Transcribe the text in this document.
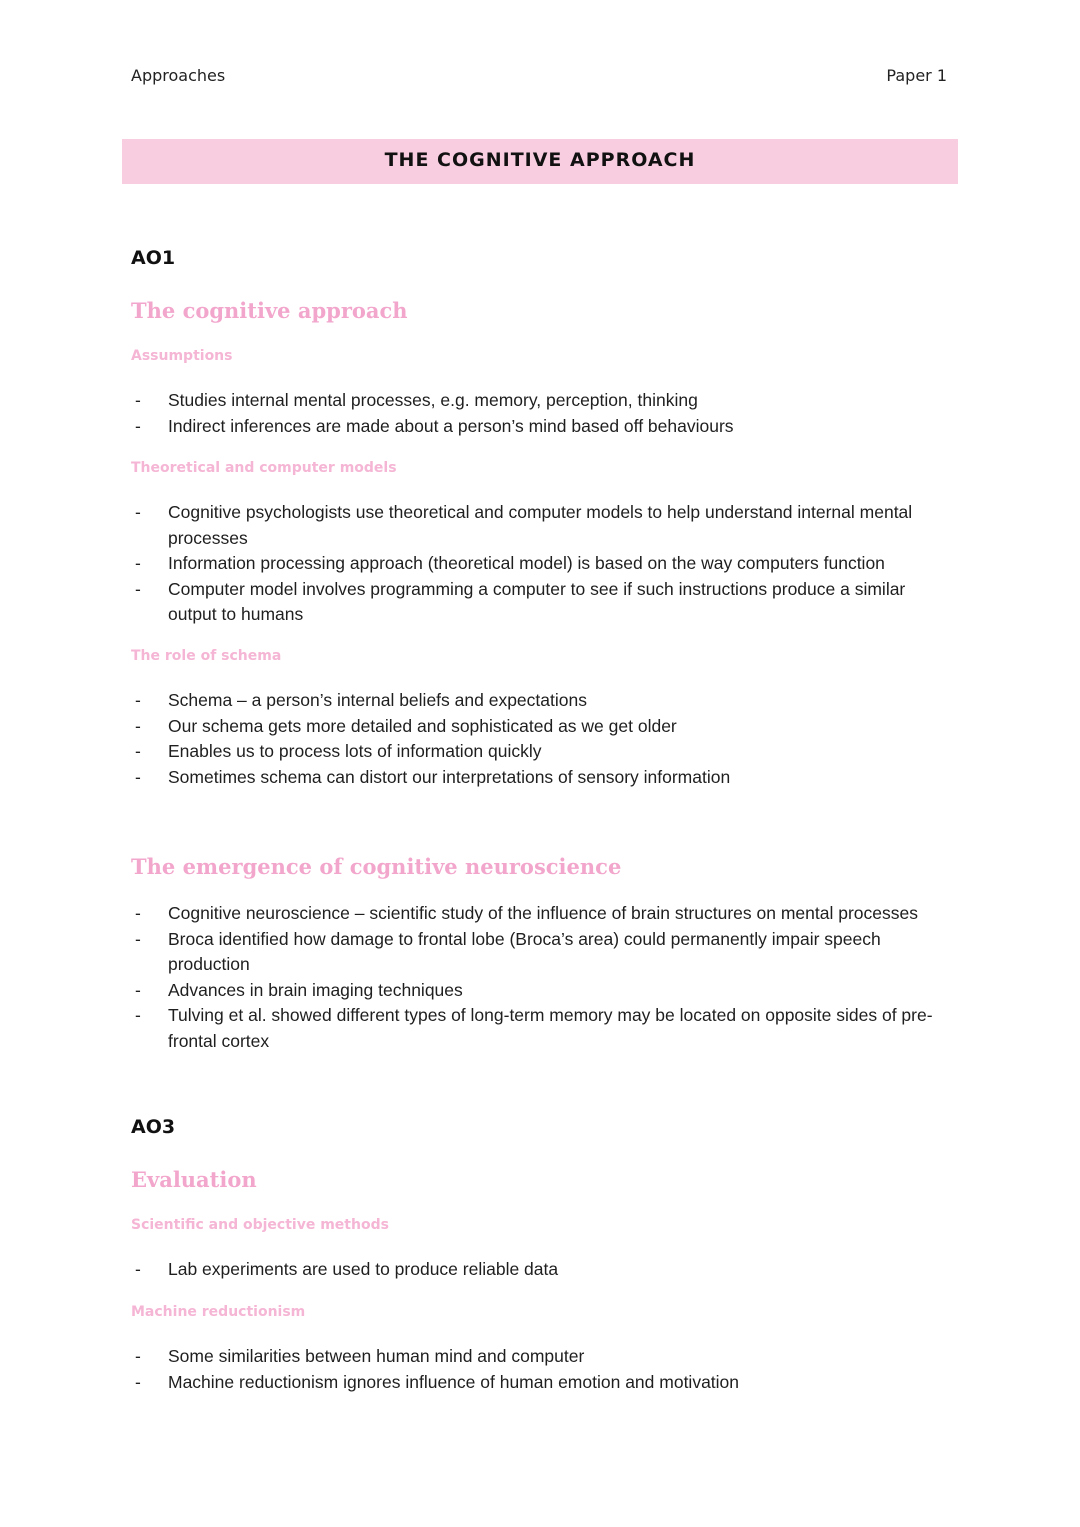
Approaches	Paper 1
THE COGNITIVE APPROACH
AO1
The cognitive approach
Assumptions
- Studies internal mental processes, e.g. memory, perception, thinking
- Indirect inferences are made about a person’s mind based off behaviours
Theoretical and computer models
- Cognitive psychologists use theoretical and computer models to help understand internal mental processes
- Information processing approach (theoretical model) is based on the way computers function
- Computer model involves programming a computer to see if such instructions produce a similar output to humans
The role of schema
- Schema – a person’s internal beliefs and expectations
- Our schema gets more detailed and sophisticated as we get older
- Enables us to process lots of information quickly
- Sometimes schema can distort our interpretations of sensory information
The emergence of cognitive neuroscience
- Cognitive neuroscience – scientific study of the influence of brain structures on mental processes
- Broca identified how damage to frontal lobe (Broca’s area) could permanently impair speech production
- Advances in brain imaging techniques
- Tulving et al. showed different types of long-term memory may be located on opposite sides of pre-frontal cortex
AO3
Evaluation
Scientific and objective methods
- Lab experiments are used to produce reliable data
Machine reductionism
- Some similarities between human mind and computer
- Machine reductionism ignores influence of human emotion and motivation
